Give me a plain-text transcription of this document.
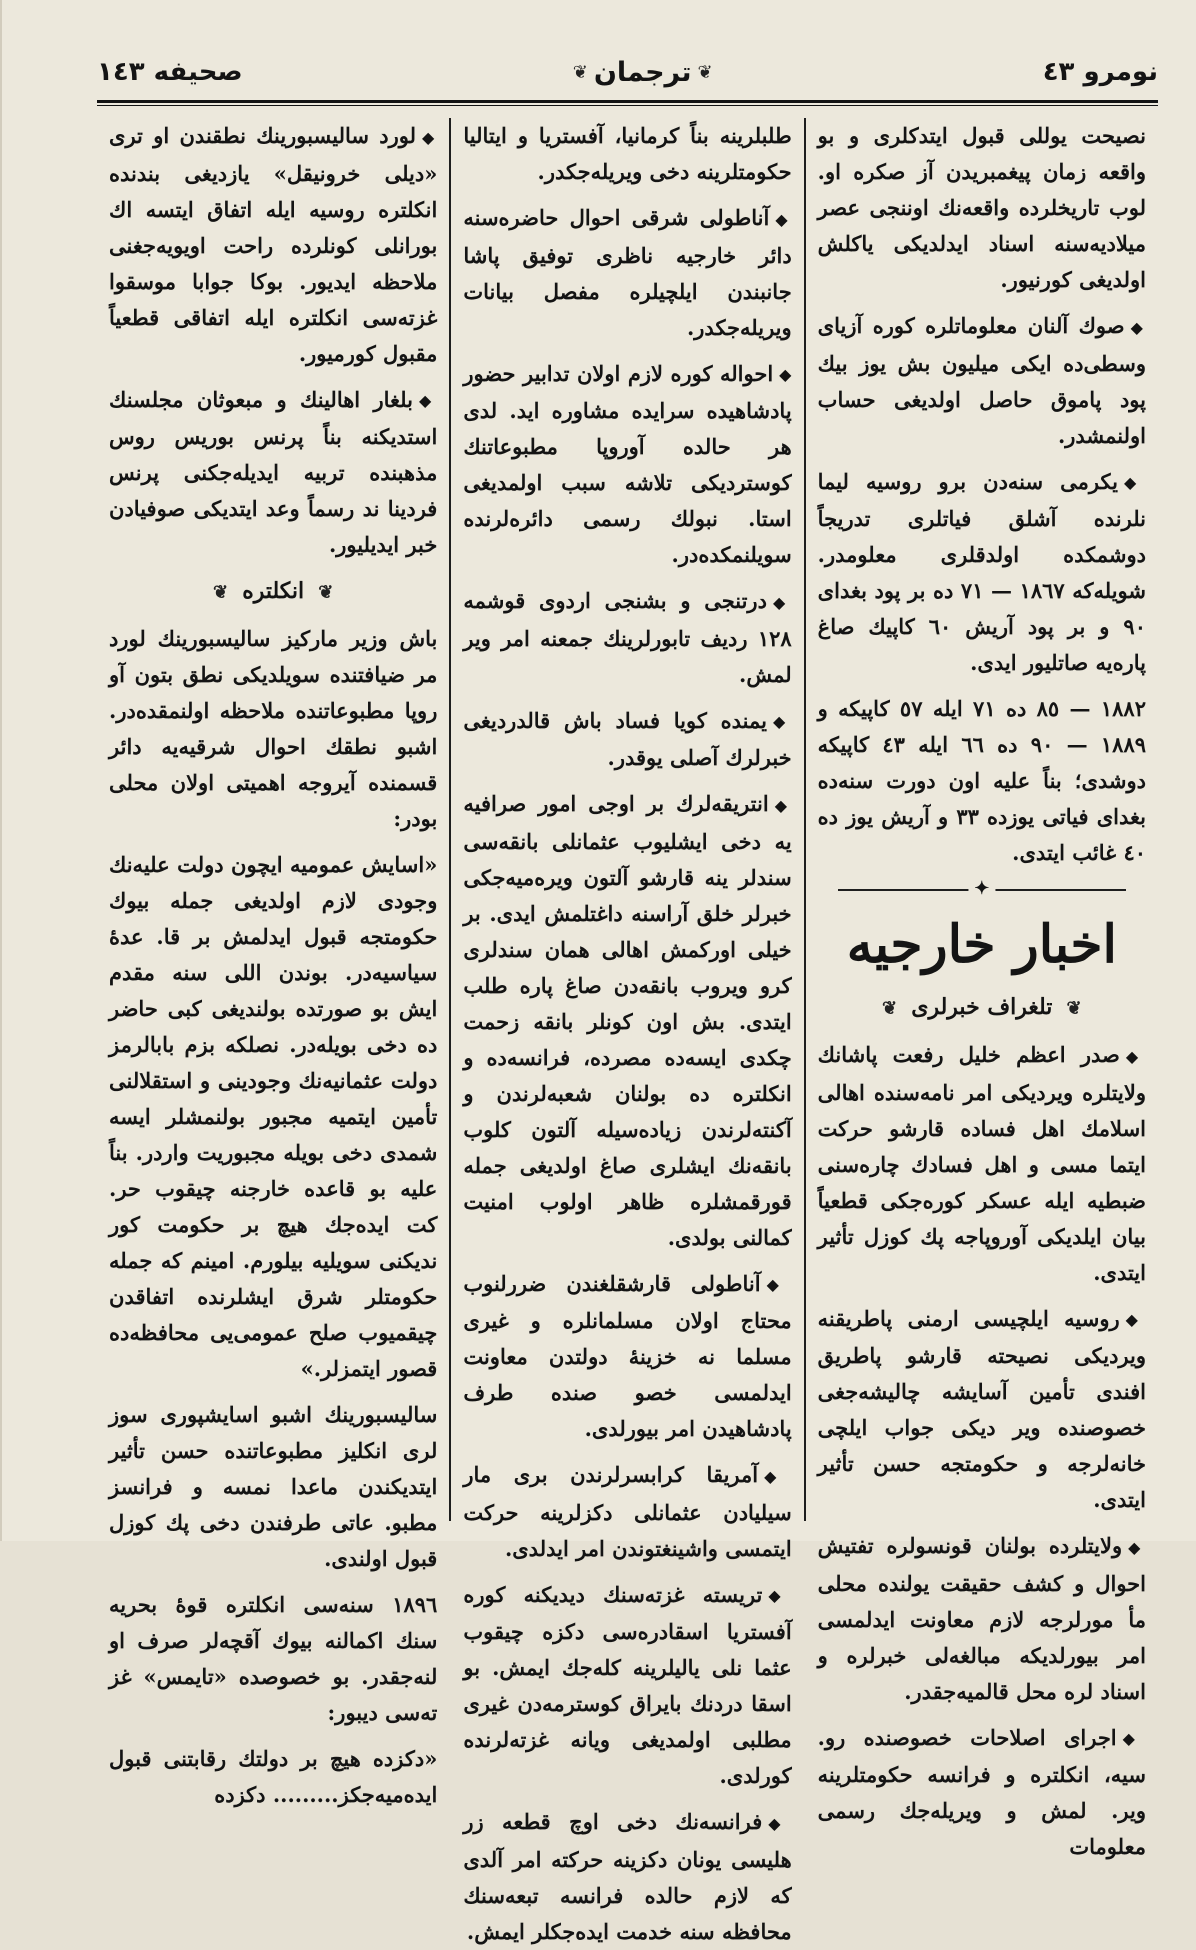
نومرو ٤٣
❦
ترجمان
❦
صحیفه ١٤٣

نصیحت یوللی قبول ایتدکلری و بو واقعه زمان پیغمبریدن آز صکره او. لوب تاریخلرده واقعه‌نك اوننجی عصر میلادیه‌سنه اسناد ایدلدیکی یاکلش اولدیغی کورنیور.

◆صوك آلنان معلوماتلره کوره آزیای وسطی‌ده ایکی میلیون بش یوز بیك پود پاموق حاصل اولدیغی حساب اولنمشدر.

◆یکرمی سنه‌دن برو روسیه لیما نلرنده آشلق فیاتلری تدریجاً دوشمکده اولدقلری معلومدر. شویله‌که ١٨٦٧ — ٧١ ده بر پود بغدای ٩٠ و بر پود آریش ٦٠ کاپیك صاغ پاره‌یه صاتلیور ایدی.

١٨٨٢ — ٨٥ ده ٧١ ایله ٥٧ کاپیکه و ١٨٨٩ — ٩٠ ده ٦٦ ایله ٤٣ کاپیکه دوشدی؛ بناً علیه اون دورت سنه‌ده بغدای فیاتی یوزده ٣٣ و آریش یوز ده ٤٠ غائب ایتدی.

✦
اخبار خارجیه
❦ تلغراف خبرلری ❦

◆صدر اعظم خلیل رفعت پاشانك ولایتلره ویردیکی امر نامه‌سنده اهالی اسلامك اهل فساده قارشو حرکت ایتما مسی و اهل فسادك چاره‌سنی ضبطیه ایله عسکر کوره‌جکی قطعیاً بیان ایلدیکی آوروپاجه پك کوزل تأثیر ایتدی.

◆روسیه ایلچیسی ارمنی پاطریقنه ویردیکی نصیحته قارشو پاطریق افندی تأمین آسایشه چالیشه‌جغی خصوصنده ویر دیکی جواب ایلچی خانه‌لرجه و حکومتجه حسن تأثیر ایتدی.

◆ولایتلرده بولنان قونسولره تفتیش احوال و کشف حقیقت یولنده محلی مأ مورلرجه لازم معاونت ایدلمسی امر بیورلدیکه مبالغه‌لی خبرلره و اسناد لره محل قالمیه‌جقدر.

◆اجرای اصلاحات خصوصنده رو. سیه، انکلتره و فرانسه حکومتلرینه ویر. لمش و ویریله‌جك رسمی معلومات

طلبلرینه بناً کرمانیا، آفستریا و ایتالیا حکومتلرینه دخی ویریله‌جکدر.

◆آناطولی شرقی احوال حاضره‌سنه دائر خارجیه ناظری توفیق پاشا جانبندن ایلچیلره مفصل بیانات ویریله‌جکدر.

◆احواله کوره لازم اولان تدابیر حضور پادشاهیده سرایده مشاوره اید. لدی هر حالده آوروپا مطبوعاتنك کوستردیکی تلاشه سبب اولمدیغی استا. نبولك رسمی دائره‌لرنده سویلنمکده‌در.

◆درتنجی و بشنجی اردوی قوشمه ١٢٨ ردیف تابورلرینك جمعنه امر ویر لمش.

◆یمنده کویا فساد باش قالدردیغی خبرلرك آصلی یوقدر.

◆انتریقه‌لرك بر اوجی امور صرافیه یه دخی ایشلیوب عثمانلی بانقه‌سی سندلر ینه قارشو آلتون ویره‌میه‌جکی خبرلر خلق آراسنه داغتلمش ایدی. بر خیلی اورکمش اهالی همان سندلری کرو ویروب بانقه‌دن صاغ پاره طلب ایتدی. بش اون کونلر بانقه زحمت چکدی ایسه‌ده مصرده، فرانسه‌ده و انکلتره ده بولنان شعبه‌لرندن و آکنته‌لرندن زیاده‌سیله آلتون کلوب بانقه‌نك ایشلری صاغ اولدیغی جمله قورقمشلره ظاهر اولوب امنیت کمالنی بولدی.

◆آناطولی قارشقلغندن ضررلنوب محتاج اولان مسلمانلره و غیری مسلما نه خزینهٔ دولتدن معاونت ایدلمسی خصو صنده طرف پادشاهیدن امر بیورلدی.

◆آمریقا کرابسرلرندن بری مار سیلیادن عثمانلی دکزلرینه حرکت ایتمسی واشینغتوندن امر ایدلدی.

◆تریسته غزته‌سنك دیدیکنه کوره آفستریا اسقادره‌سی دکزه چیقوب عثما نلی یالیلرینه کله‌جك ایمش. بو اسقا دردنك بایراق کوسترمه‌دن غیری مطلبی اولمدیغی ویانه غزته‌لرنده کورلدی.

◆فرانسه‌نك دخی اوچ قطعه زر هلیسی یونان دکزینه حرکته امر آلدی که لازم حالده فرانسه تبعه‌سنك محافظه سنه خدمت ایده‌جکلر ایمش.

◆لورد سالیسبورینك نطقندن او تری «دیلی خرونیقل» یازدیغی بندنده انکلتره روسیه ایله اتفاق ایتسه اك بورانلی کونلرده راحت اویویه‌جغنی ملاحظه ایدیور. بوکا جوابا موسقوا غزته‌سی انکلتره ایله اتفاقی قطعیاً مقبول کورمیور.

◆بلغار اهالینك و مبعوثان مجلسنك استدیکنه بناً پرنس بوریس روس مذهبنده تربیه ایدیله‌جکنی پرنس فردینا ند رسماً وعد ایتدیکی صوفیادن خبر ایدیلیور.

❦ انکلتره ❦

باش وزیر مارکیز سالیسبورینك لورد مر ضیافتنده سویلدیکی نطق بتون آو روپا مطبوعاتنده ملاحظه اولنمقده‌در. اشبو نطقك احوال شرقیه‌یه دائر قسمنده آیروجه اهمیتی اولان محلی بودر:

«اسایش عمومیه ایچون دولت علیه‌نك وجودی لازم اولدیغی جمله بیوك حکومتجه قبول ایدلمش بر قا. عدهٔ سیاسیه‌در. بوندن اللی سنه مقدم ایش بو صورتده بولندیغی کبی حاضر ده دخی بویله‌در. نصلکه بزم بابالرمز دولت عثمانیه‌نك وجودینی و استقلالنی تأمین ایتمیه مجبور بولنمشلر ایسه شمدی دخی بویله مجبوریت واردر. بناً علیه بو قاعده خارجنه چیقوب حر. کت ایده‌جك هیچ بر حکومت کور ندیکنی سویلیه بیلورم. امینم که جمله حکومتلر شرق ایشلرنده اتفاقدن چیقمیوب صلح عمومی‌یی محافظه‌ده قصور ایتمزلر.»

سالیسبورینك اشبو اسایشپوری سوز لری انکلیز مطبوعاتنده حسن تأثیر ایتدیکندن ماعدا نمسه و فرانسز مطبو. عاتی طرفندن دخی پك کوزل قبول اولندی.

١٨٩٦ سنه‌سی انکلتره قوهٔ بحریه سنك اکمالنه بیوك آقچه‌لر صرف او لنه‌جقدر. بو خصوصده «تایمس» غز ته‌سی دیبور:

«دکزده هیچ بر دولتك رقابتنی قبول ایده‌میه‌جکز......... دکزده
